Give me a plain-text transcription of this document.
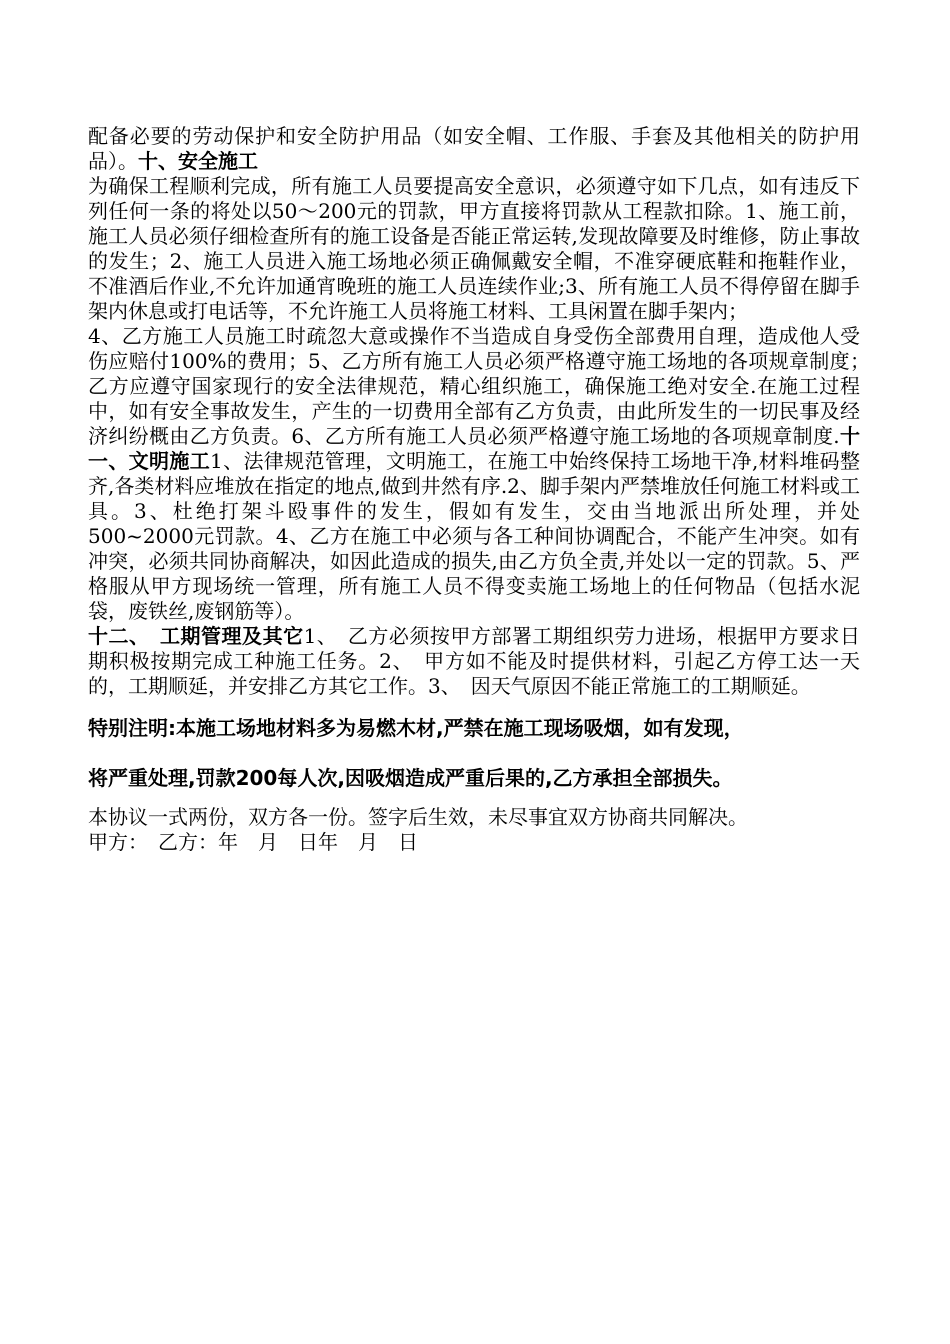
配备必要的劳动保护和安全防护用品（如安全帽、工作服、手套及其他相关的防护用品）。十、安全施工

为确保工程顺利完成，所有施工人员要提高安全意识，必须遵守如下几点，如有违反下列任何一条的将处以50～200元的罚款，甲方直接将罚款从工程款扣除。1、施工前，施工人员必须仔细检查所有的施工设备是否能正常运转,发现故障要及时维修，防止事故的发生；2、施工人员进入施工场地必须正确佩戴安全帽，不准穿硬底鞋和拖鞋作业，不准酒后作业,不允许加通宵晚班的施工人员连续作业;3、所有施工人员不得停留在脚手架内休息或打电话等，不允许施工人员将施工材料、工具闲置在脚手架内；

4、乙方施工人员施工时疏忽大意或操作不当造成自身受伤全部费用自理，造成他人受伤应赔付100%的费用；5、乙方所有施工人员必须严格遵守施工场地的各项规章制度；　乙方应遵守国家现行的安全法律规范，精心组织施工，确保施工绝对安全.在施工过程中，如有安全事故发生，产生的一切费用全部有乙方负责，由此所发生的一切民事及经济纠纷概由乙方负责。6、乙方所有施工人员必须严格遵守施工场地的各项规章制度.十一、文明施工1、法律规范管理，文明施工，在施工中始终保持工场地干净,材料堆码整齐,各类材料应堆放在指定的地点,做到井然有序.2、脚手架内严禁堆放任何施工材料或工具。3、杜绝打架斗殴事件的发生，假如有发生，交由当地派出所处理，并处500~2000元罚款。4、乙方在施工中必须与各工种间协调配合，不能产生冲突。如有冲突，必须共同协商解决，如因此造成的损失,由乙方负全责,并处以一定的罚款。5、严格服从甲方现场统一管理，所有施工人员不得变卖施工场地上的任何物品（包括水泥袋，废铁丝,废钢筋等）。

十二、　工期管理及其它1、　乙方必须按甲方部署工期组织劳力进场，根据甲方要求日期积极按期完成工种施工任务。2、　甲方如不能及时提供材料，引起乙方停工达一天的，工期顺延，并安排乙方其它工作。3、　因天气原因不能正常施工的工期顺延。

特别注明:本施工场地材料多为易燃木材,严禁在施工现场吸烟，如有发现，

将严重处理,罚款200每人次,因吸烟造成严重后果的,乙方承担全部损失。

本协议一式两份，双方各一份。签字后生效，未尽事宜双方协商共同解决。

甲方：　乙方：年　月　日年　月　日
